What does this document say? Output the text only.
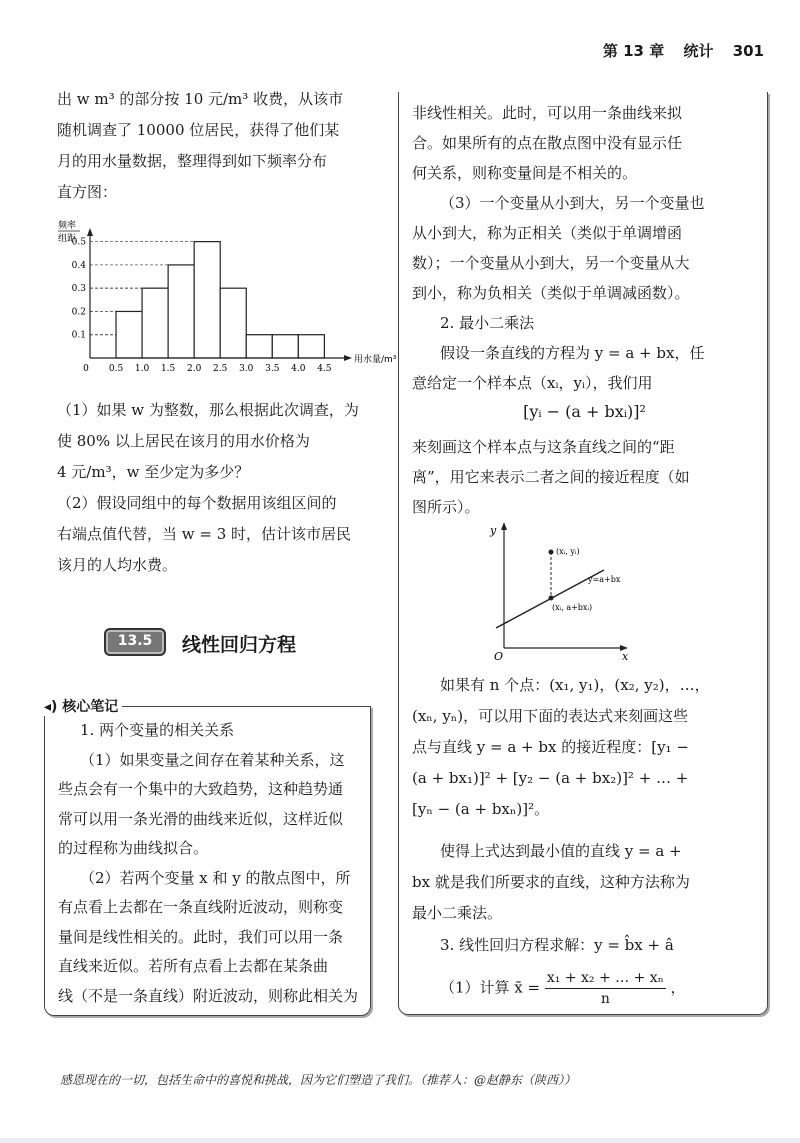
第 13 章 统计 301
出 w m³ 的部分按 10 元/m³ 收费，从该市
随机调查了 10000 位居民，获得了他们某
月的用水量数据，整理得到如下频率分布
直方图：
0.1
0.2
0.3
0.4
0.5
0 0.5 1.0 1.5 2.0 2.5 3.0 3.5 4.0 4.5
频率
组距
用水量/m³
（1）如果 w 为整数，那么根据此次调查，为
使 80% 以上居民在该月的用水价格为
4 元/m³，w 至少定为多少？
（2）假设同组中的每个数据用该组区间的
右端点值代替，当 w = 3 时，估计该市居民
该月的人均水费。
13.5	线性回归方程
◂) 核心笔记
1. 两个变量的相关关系
（1）如果变量之间存在着某种关系，这
些点会有一个集中的大致趋势，这种趋势通
常可以用一条光滑的曲线来近似，这样近似
的过程称为曲线拟合。
（2）若两个变量 x 和 y 的散点图中，所
有点看上去都在一条直线附近波动，则称变
量间是线性相关的。此时，我们可以用一条
直线来近似。若所有点看上去都在某条曲
线（不是一条直线）附近波动，则称此相关为
非线性相关。此时，可以用一条曲线来拟
合。如果所有的点在散点图中没有显示任
何关系，则称变量间是不相关的。
（3）一个变量从小到大，另一个变量也
从小到大，称为正相关（类似于单调增函
数）；一个变量从小到大，另一个变量从大
到小，称为负相关（类似于单调减函数）。
2. 最小二乘法
假设一条直线的方程为 y = a + bx，任
意给定一个样本点（xᵢ，yᵢ），我们用
[yᵢ − (a + bxᵢ)]²
来刻画这个样本点与这条直线之间的“距
离”，用它来表示二者之间的接近程度（如
图所示）。
y
x
O
(xᵢ, yᵢ)
y=a+bx
(xᵢ, a+bxᵢ)
如果有 n 个点：(x₁, y₁)，(x₂, y₂)，…，
(xₙ, yₙ)，可以用下面的表达式来刻画这些
点与直线 y = a + bx 的接近程度：[y₁ −
(a + bx₁)]² + [y₂ − (a + bx₂)]² + … +
[yₙ − (a + bxₙ)]²。
使得上式达到最小值的直线 y = a +
bx 就是我们所要求的直线，这种方法称为
最小二乘法。
3. 线性回归方程求解：y = b̂x + â
（1）计算 x̄ = $\frac{\text{x₁ + x₂ + … + xₙ}}{n}$ ，
感恩现在的一切，包括生命中的喜悦和挑战，因为它们塑造了我们。（推荐人：@赵静东（陕西））
